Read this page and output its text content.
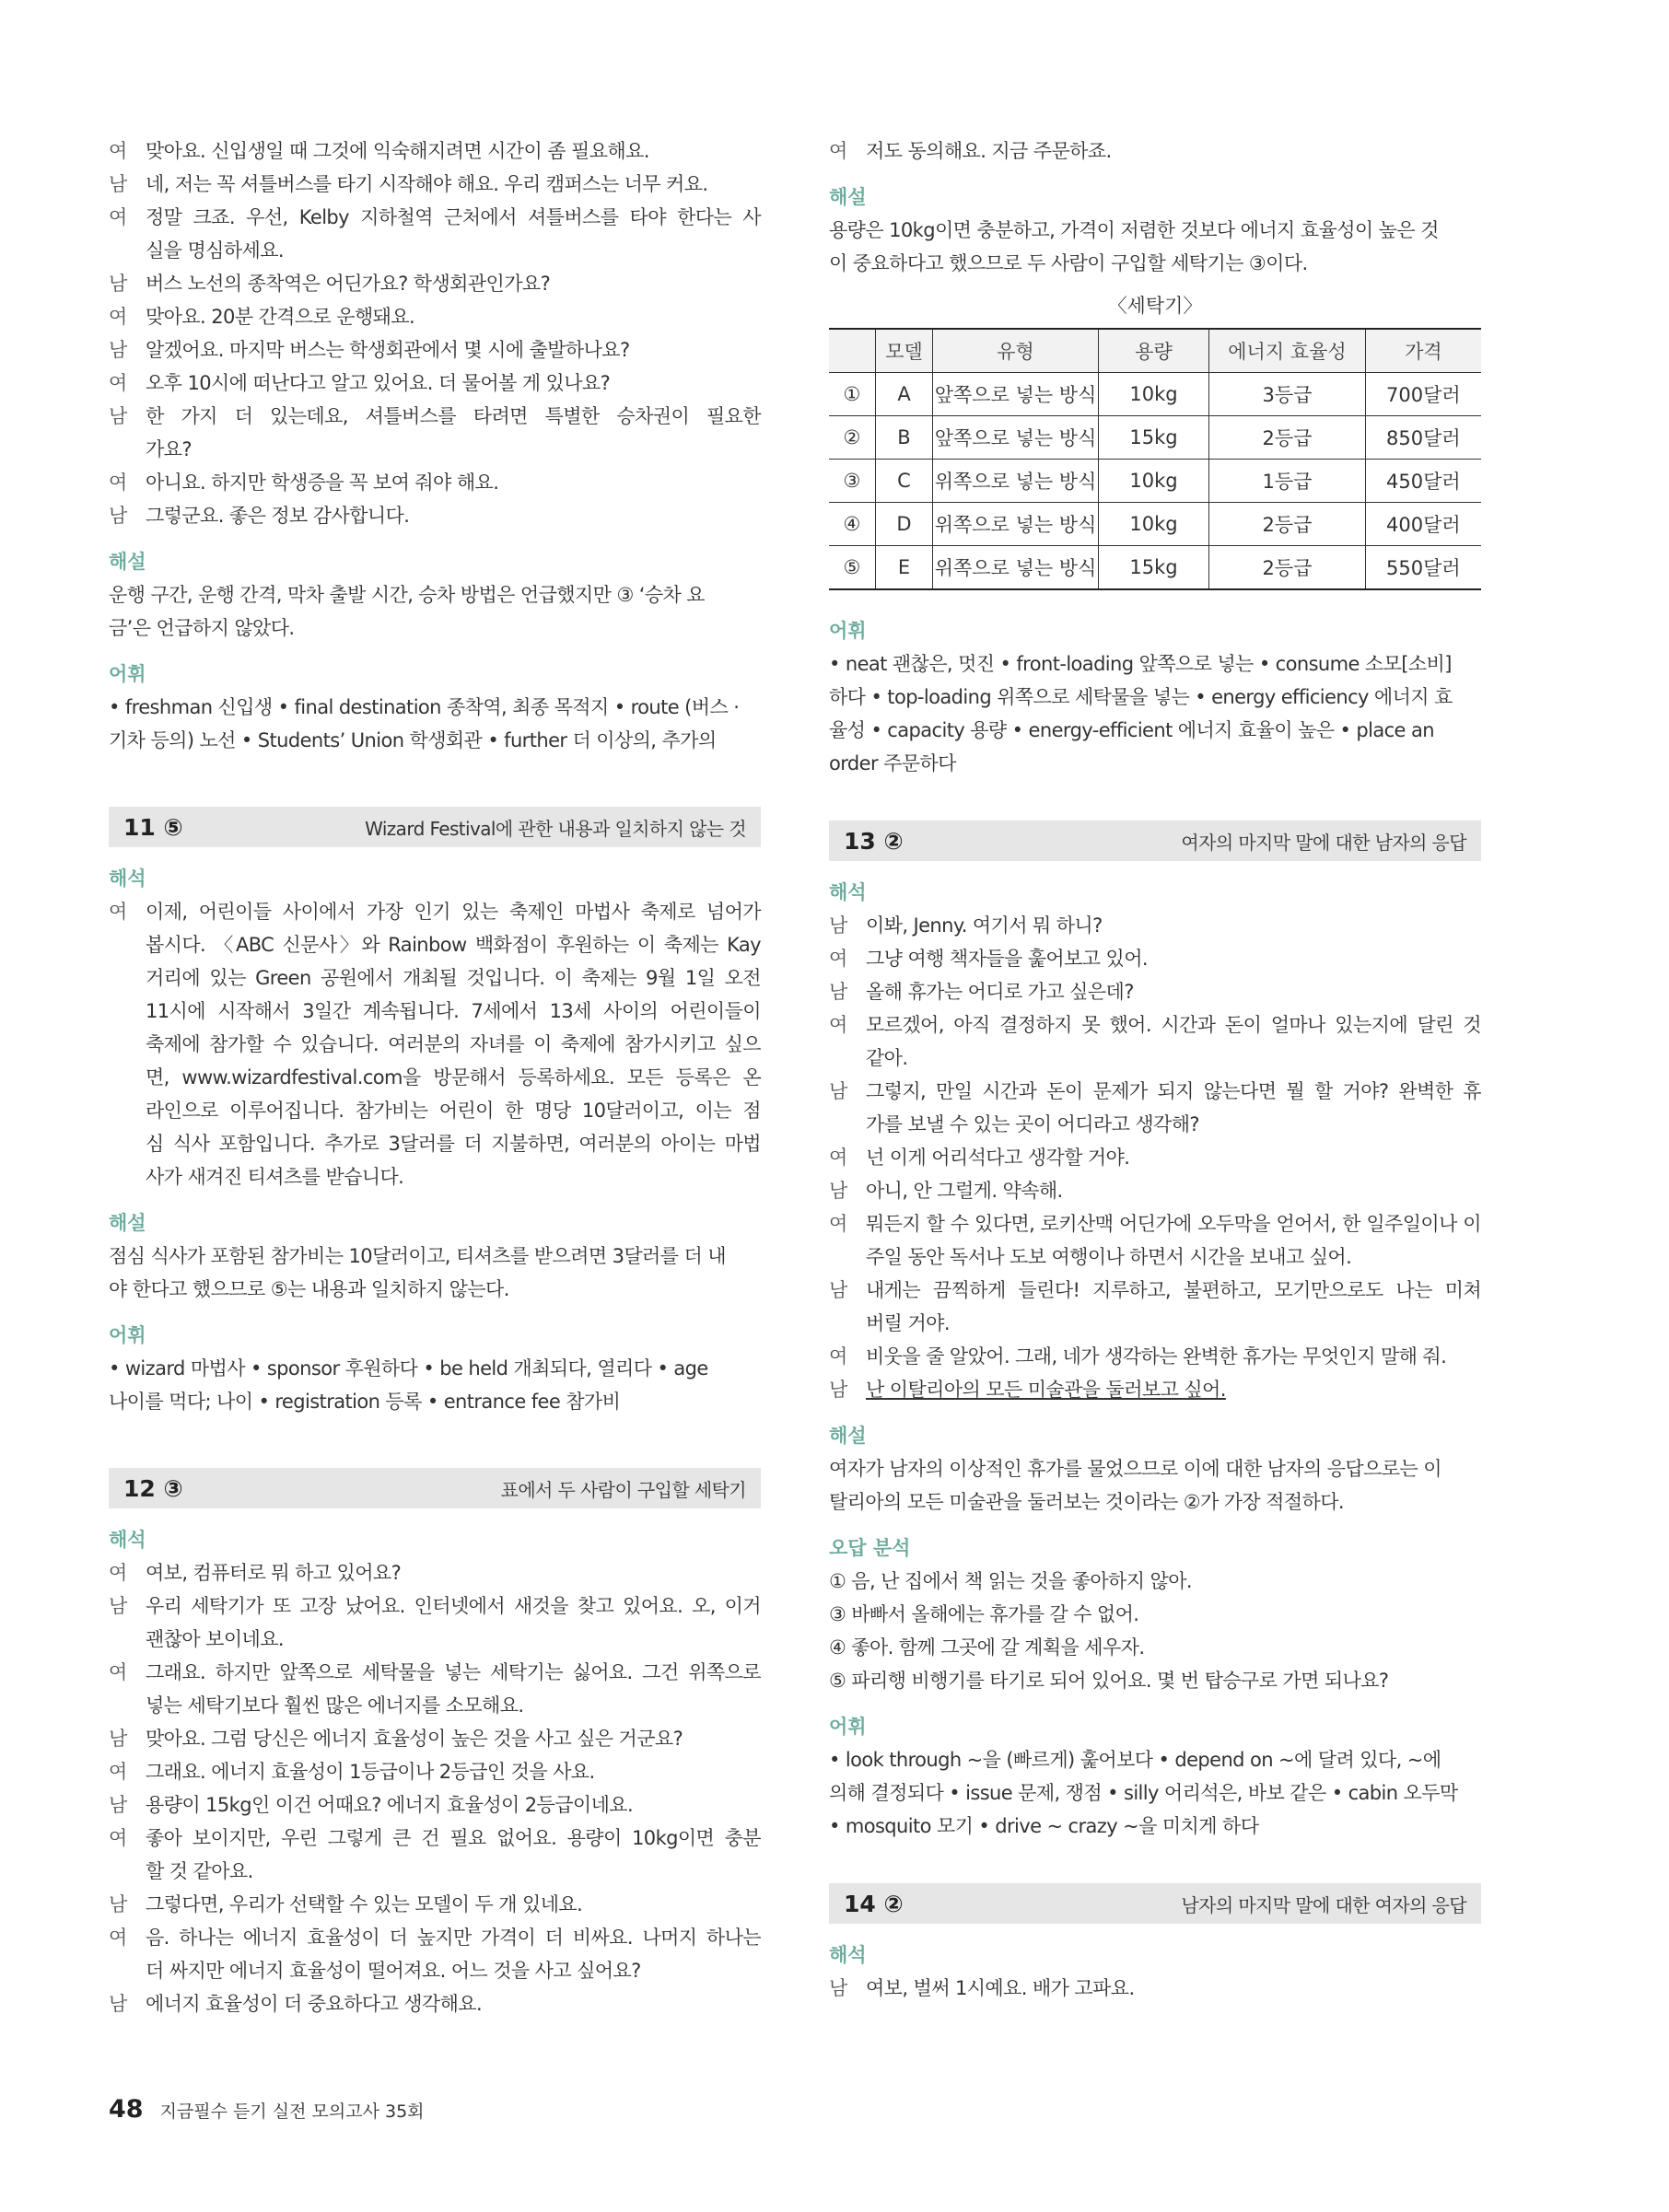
여 맞아요. 신입생일 때 그것에 익숙해지려면 시간이 좀 필요해요.
남 네, 저는 꼭 셔틀버스를 타기 시작해야 해요. 우리 캠퍼스는 너무 커요.
여 정말 크죠. 우선, Kelby 지하철역 근처에서 셔틀버스를 타야 한다는 사
실을 명심하세요.
남 버스 노선의 종착역은 어딘가요? 학생회관인가요?
여 맞아요. 20분 간격으로 운행돼요.
남 알겠어요. 마지막 버스는 학생회관에서 몇 시에 출발하나요?
여 오후 10시에 떠난다고 알고 있어요. 더 물어볼 게 있나요?
남 한 가지 더 있는데요, 셔틀버스를 타려면 특별한 승차권이 필요한
가요?
여 아니요. 하지만 학생증을 꼭 보여 줘야 해요.
남 그렇군요. 좋은 정보 감사합니다.
해설
운행 구간, 운행 간격, 막차 출발 시간, 승차 방법은 언급했지만 ③ ‘승차 요
금’은 언급하지 않았다.
어휘
• freshman 신입생 • final destination 종착역, 최종 목적지 • route (버스 ·
기차 등의) 노선 • Students’ Union 학생회관 • further 더 이상의, 추가의
11 ⑤	Wizard Festival에 관한 내용과 일치하지 않는 것
해석
여 이제, 어린이들 사이에서 가장 인기 있는 축제인 마법사 축제로 넘어가
봅시다. 〈ABC 신문사〉와 Rainbow 백화점이 후원하는 이 축제는 Kay
거리에 있는 Green 공원에서 개최될 것입니다. 이 축제는 9월 1일 오전
11시에 시작해서 3일간 계속됩니다. 7세에서 13세 사이의 어린이들이
축제에 참가할 수 있습니다. 여러분의 자녀를 이 축제에 참가시키고 싶으
면, www.wizardfestival.com을 방문해서 등록하세요. 모든 등록은 온
라인으로 이루어집니다. 참가비는 어린이 한 명당 10달러이고, 이는 점
심 식사 포함입니다. 추가로 3달러를 더 지불하면, 여러분의 아이는 마법
사가 새겨진 티셔츠를 받습니다.
해설
점심 식사가 포함된 참가비는 10달러이고, 티셔츠를 받으려면 3달러를 더 내
야 한다고 했으므로 ⑤는 내용과 일치하지 않는다.
어휘
• wizard 마법사 • sponsor 후원하다 • be held 개최되다, 열리다 • age
나이를 먹다; 나이 • registration 등록 • entrance fee 참가비
12 ③	표에서 두 사람이 구입할 세탁기
해석
여 여보, 컴퓨터로 뭐 하고 있어요?
남 우리 세탁기가 또 고장 났어요. 인터넷에서 새것을 찾고 있어요. 오, 이거
괜찮아 보이네요.
여 그래요. 하지만 앞쪽으로 세탁물을 넣는 세탁기는 싫어요. 그건 위쪽으로
넣는 세탁기보다 훨씬 많은 에너지를 소모해요.
남 맞아요. 그럼 당신은 에너지 효율성이 높은 것을 사고 싶은 거군요?
여 그래요. 에너지 효율성이 1등급이나 2등급인 것을 사요.
남 용량이 15kg인 이건 어때요? 에너지 효율성이 2등급이네요.
여 좋아 보이지만, 우린 그렇게 큰 건 필요 없어요. 용량이 10kg이면 충분
할 것 같아요.
남 그렇다면, 우리가 선택할 수 있는 모델이 두 개 있네요.
여 음. 하나는 에너지 효율성이 더 높지만 가격이 더 비싸요. 나머지 하나는
더 싸지만 에너지 효율성이 떨어져요. 어느 것을 사고 싶어요?
남 에너지 효율성이 더 중요하다고 생각해요.
여 저도 동의해요. 지금 주문하죠.
해설
용량은 10kg이면 충분하고, 가격이 저렴한 것보다 에너지 효율성이 높은 것
이 중요하다고 했으므로 두 사람이 구입할 세탁기는 ③이다.
〈세탁기〉
	모델	유형	용량	에너지 효율성	가격
①	A	앞쪽으로 넣는 방식	10kg	3등급	700달러
②	B	앞쪽으로 넣는 방식	15kg	2등급	850달러
③	C	위쪽으로 넣는 방식	10kg	1등급	450달러
④	D	위쪽으로 넣는 방식	10kg	2등급	400달러
⑤	E	위쪽으로 넣는 방식	15kg	2등급	550달러
어휘
• neat 괜찮은, 멋진 • front-loading 앞쪽으로 넣는 • consume 소모[소비]
하다 • top-loading 위쪽으로 세탁물을 넣는 • energy efficiency 에너지 효
율성 • capacity 용량 • energy-efficient 에너지 효율이 높은 • place an
order 주문하다
13 ②	여자의 마지막 말에 대한 남자의 응답
해석
남 이봐, Jenny. 여기서 뭐 하니?
여 그냥 여행 책자들을 훑어보고 있어.
남 올해 휴가는 어디로 가고 싶은데?
여 모르겠어, 아직 결정하지 못 했어. 시간과 돈이 얼마나 있는지에 달린 것
같아.
남 그렇지, 만일 시간과 돈이 문제가 되지 않는다면 뭘 할 거야? 완벽한 휴
가를 보낼 수 있는 곳이 어디라고 생각해?
여 넌 이게 어리석다고 생각할 거야.
남 아니, 안 그럴게. 약속해.
여 뭐든지 할 수 있다면, 로키산맥 어딘가에 오두막을 얻어서, 한 일주일이나 이
주일 동안 독서나 도보 여행이나 하면서 시간을 보내고 싶어.
남 내게는 끔찍하게 들린다! 지루하고, 불편하고, 모기만으로도 나는 미쳐
버릴 거야.
여 비웃을 줄 알았어. 그래, 네가 생각하는 완벽한 휴가는 무엇인지 말해 줘.
남 난 이탈리아의 모든 미술관을 둘러보고 싶어.
해설
여자가 남자의 이상적인 휴가를 물었으므로 이에 대한 남자의 응답으로는 이
탈리아의 모든 미술관을 둘러보는 것이라는 ②가 가장 적절하다.
오답 분석
① 음, 난 집에서 책 읽는 것을 좋아하지 않아.
③ 바빠서 올해에는 휴가를 갈 수 없어.
④ 좋아. 함께 그곳에 갈 계획을 세우자.
⑤ 파리행 비행기를 타기로 되어 있어요. 몇 번 탑승구로 가면 되나요?
어휘
• look through ~을 (빠르게) 훑어보다 • depend on ~에 달려 있다, ~에
의해 결정되다 • issue 문제, 쟁점 • silly 어리석은, 바보 같은 • cabin 오두막
• mosquito 모기 • drive ~ crazy ~을 미치게 하다
14 ②	남자의 마지막 말에 대한 여자의 응답
해석
남 여보, 벌써 1시예요. 배가 고파요.
48 지금필수 듣기 실전 모의고사 35회
